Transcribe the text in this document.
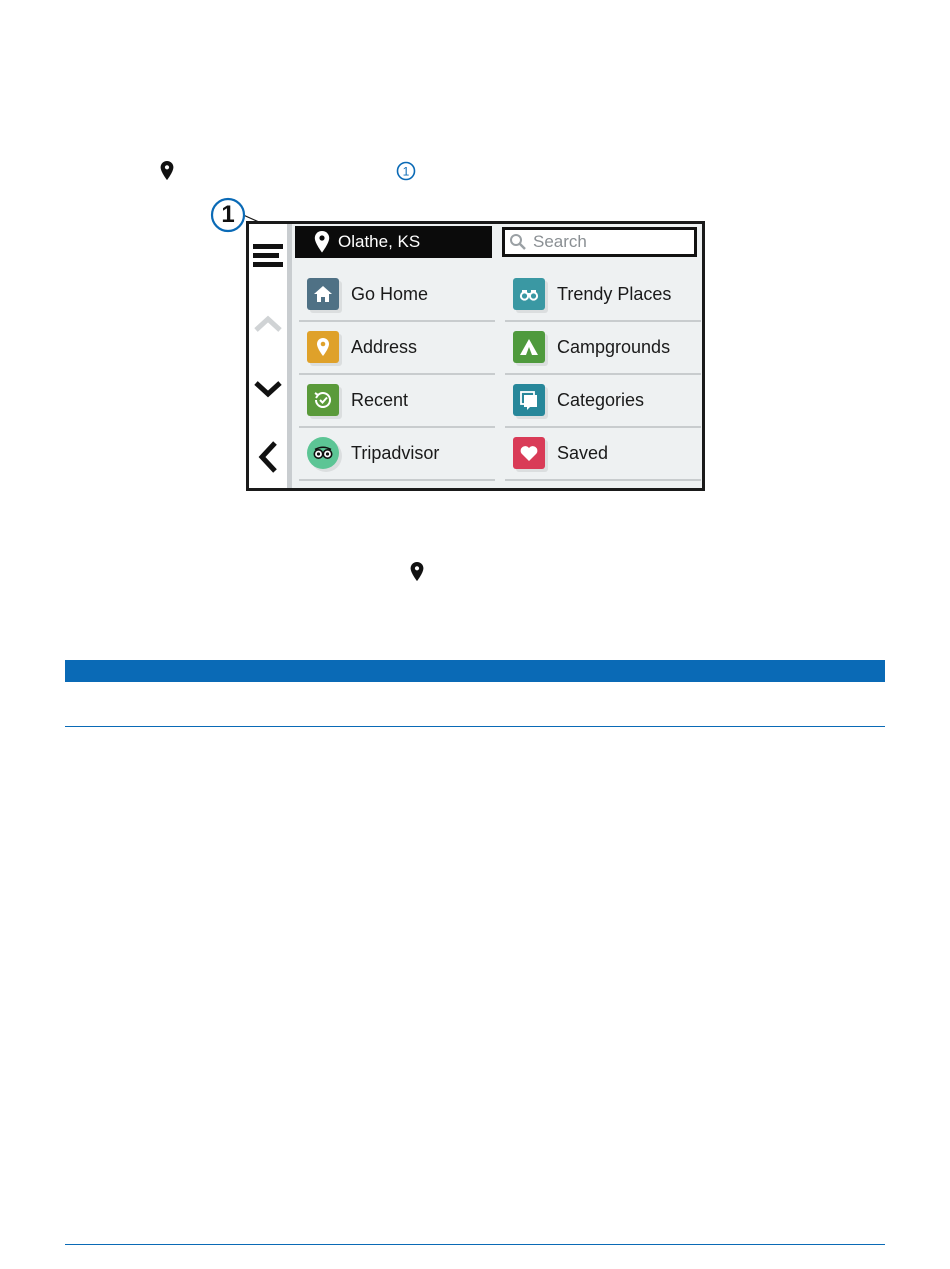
1
1
Olathe, KS	Search
Go Home
Address
Recent
Tripadvisor
Trendy Places
Campgrounds
Categories
Saved
